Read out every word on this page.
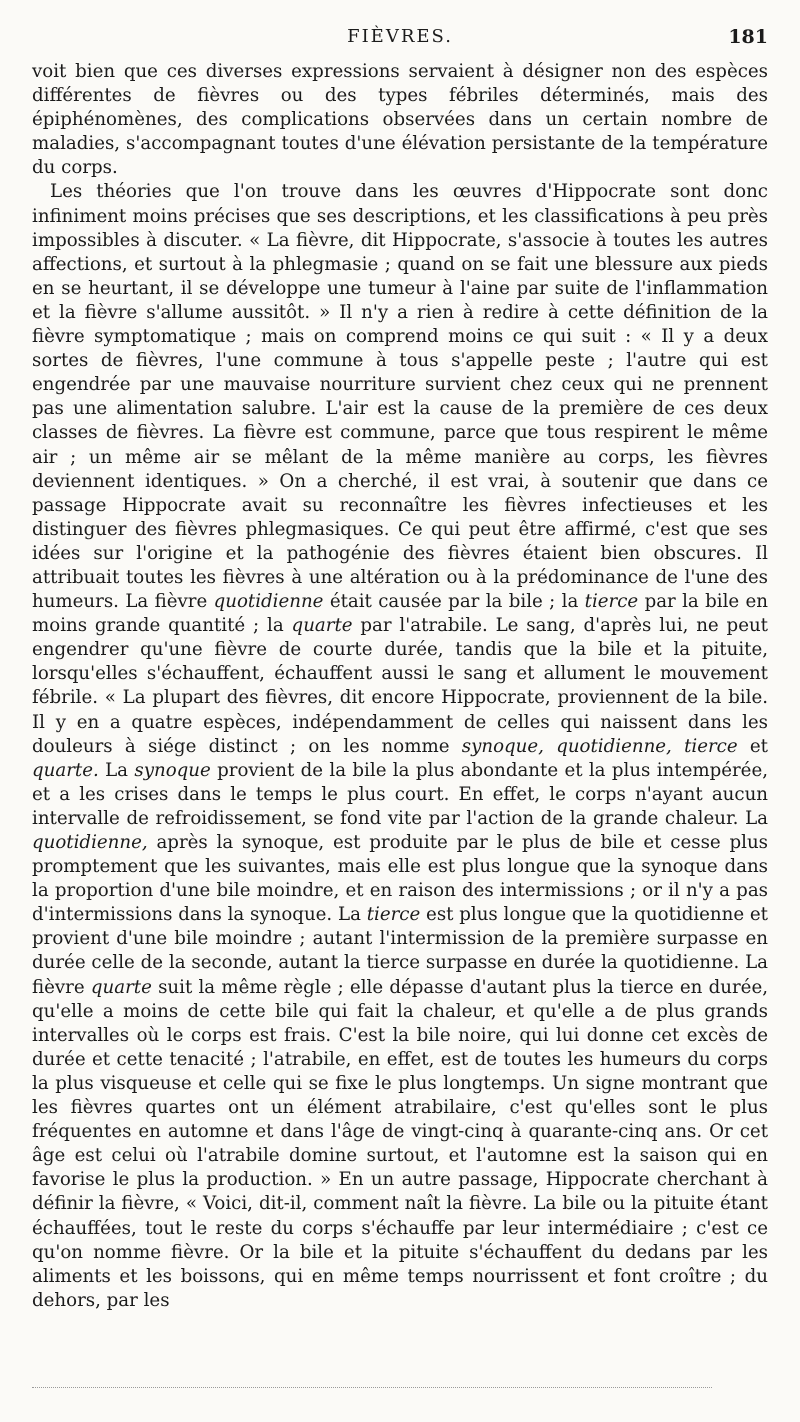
FIÈVRES.	181

voit bien que ces diverses expressions servaient à désigner non des espèces différentes de fièvres ou des types fébriles déterminés, mais des épiphénomènes, des complications observées dans un certain nombre de maladies, s'accompagnant toutes d'une élévation persistante de la température du corps.

Les théories que l'on trouve dans les œuvres d'Hippocrate sont donc infiniment moins précises que ses descriptions, et les classifications à peu près impossibles à discuter. « La fièvre, dit Hippocrate, s'associe à toutes les autres affections, et surtout à la phlegmasie ; quand on se fait une blessure aux pieds en se heurtant, il se développe une tumeur à l'aine par suite de l'inflammation et la fièvre s'allume aussitôt. » Il n'y a rien à redire à cette définition de la fièvre symptomatique ; mais on comprend moins ce qui suit : « Il y a deux sortes de fièvres, l'une commune à tous s'appelle peste ; l'autre qui est engendrée par une mauvaise nourriture survient chez ceux qui ne prennent pas une alimentation salubre. L'air est la cause de la première de ces deux classes de fièvres. La fièvre est commune, parce que tous respirent le même air ; un même air se mêlant de la même manière au corps, les fièvres deviennent identiques. » On a cherché, il est vrai, à soutenir que dans ce passage Hippocrate avait su reconnaître les fièvres infectieuses et les distinguer des fièvres phlegmasiques. Ce qui peut être affirmé, c'est que ses idées sur l'origine et la pathogénie des fièvres étaient bien obscures. Il attribuait toutes les fièvres à une altération ou à la prédominance de l'une des humeurs. La fièvre quotidienne était causée par la bile ; la tierce par la bile en moins grande quantité ; la quarte par l'atrabile. Le sang, d'après lui, ne peut engendrer qu'une fièvre de courte durée, tandis que la bile et la pituite, lorsqu'elles s'échauffent, échauffent aussi le sang et allument le mouvement fébrile. « La plupart des fièvres, dit encore Hippocrate, proviennent de la bile. Il y en a quatre espèces, indépendamment de celles qui naissent dans les douleurs à siége distinct ; on les nomme synoque, quotidienne, tierce et quarte. La synoque provient de la bile la plus abondante et la plus intempérée, et a les crises dans le temps le plus court. En effet, le corps n'ayant aucun intervalle de refroidissement, se fond vite par l'action de la grande chaleur. La quotidienne, après la synoque, est produite par le plus de bile et cesse plus promptement que les suivantes, mais elle est plus longue que la synoque dans la proportion d'une bile moindre, et en raison des intermissions ; or il n'y a pas d'intermissions dans la synoque. La tierce est plus longue que la quotidienne et provient d'une bile moindre ; autant l'intermission de la première surpasse en durée celle de la seconde, autant la tierce surpasse en durée la quotidienne. La fièvre quarte suit la même règle ; elle dépasse d'autant plus la tierce en durée, qu'elle a moins de cette bile qui fait la chaleur, et qu'elle a de plus grands intervalles où le corps est frais. C'est la bile noire, qui lui donne cet excès de durée et cette tenacité ; l'atrabile, en effet, est de toutes les humeurs du corps la plus visqueuse et celle qui se fixe le plus longtemps. Un signe montrant que les fièvres quartes ont un élément atrabilaire, c'est qu'elles sont le plus fréquentes en automne et dans l'âge de vingt-cinq à quarante-cinq ans. Or cet âge est celui où l'atrabile domine surtout, et l'automne est la saison qui en favorise le plus la production. » En un autre passage, Hippocrate cherchant à définir la fièvre, « Voici, dit-il, comment naît la fièvre. La bile ou la pituite étant échauffées, tout le reste du corps s'échauffe par leur intermédiaire ; c'est ce qu'on nomme fièvre. Or la bile et la pituite s'échauffent du dedans par les aliments et les boissons, qui en même temps nourrissent et font croître ; du dehors, par les
